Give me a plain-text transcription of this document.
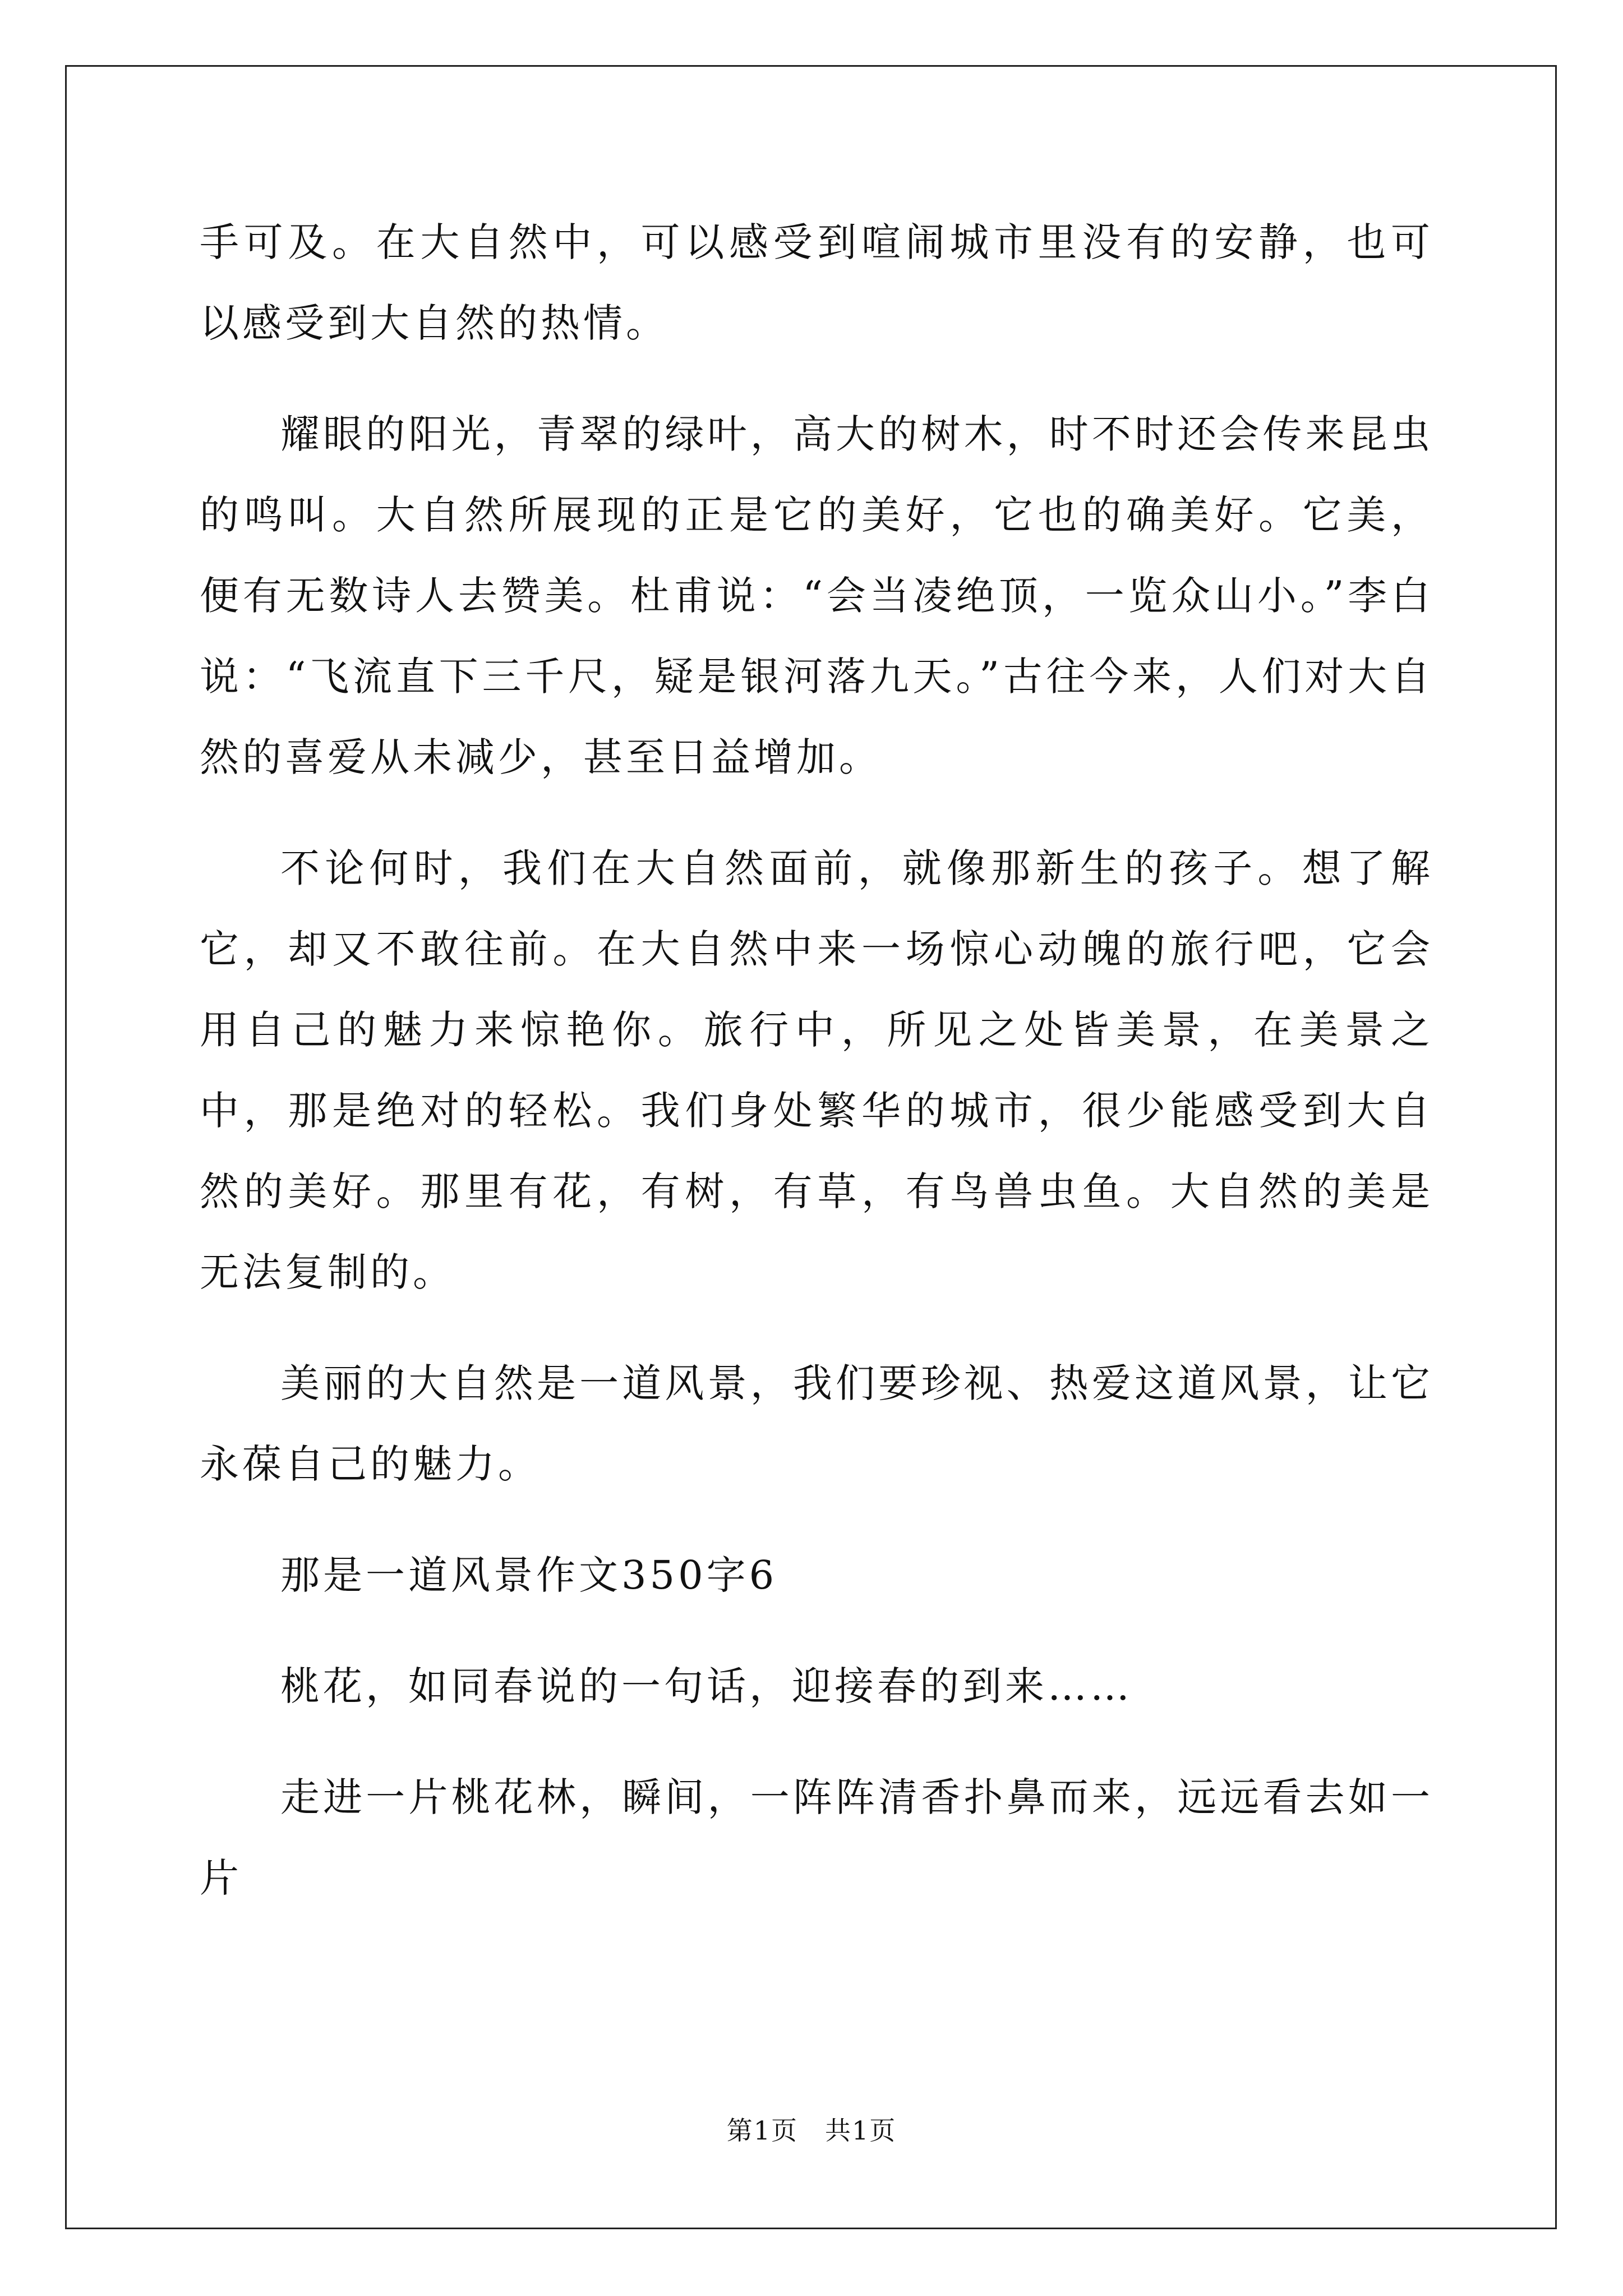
手可及。在大自然中，可以感受到喧闹城市里没有的安静，也可以感受到大自然的热情。

耀眼的阳光，青翠的绿叶，高大的树木，时不时还会传来昆虫的鸣叫。大自然所展现的正是它的美好，它也的确美好。它美，便有无数诗人去赞美。杜甫说：“会当凌绝顶，一览众山小。”李白说：“飞流直下三千尺，疑是银河落九天。”古往今来，人们对大自然的喜爱从未减少，甚至日益增加。

不论何时，我们在大自然面前，就像那新生的孩子。想了解它，却又不敢往前。在大自然中来一场惊心动魄的旅行吧，它会用自己的魅力来惊艳你。旅行中，所见之处皆美景，在美景之中，那是绝对的轻松。我们身处繁华的城市，很少能感受到大自然的美好。那里有花，有树，有草，有鸟兽虫鱼。大自然的美是无法复制的。

美丽的大自然是一道风景，我们要珍视、热爱这道风景，让它永葆自己的魅力。

那是一道风景作文350字6

桃花，如同春说的一句话，迎接春的到来……

走进一片桃花林，瞬间，一阵阵清香扑鼻而来，远远看去如一片

第1页　共1页
